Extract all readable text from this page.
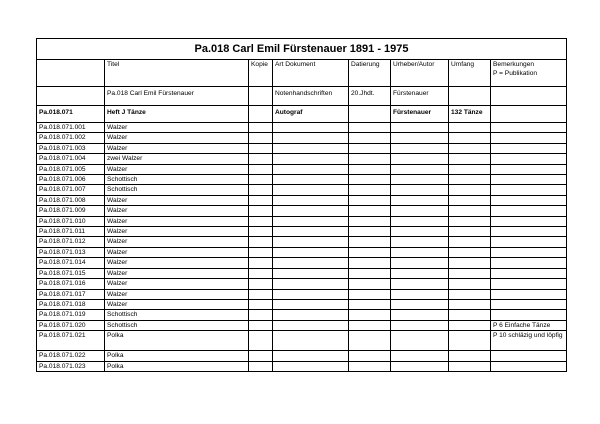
Pa.018 Carl Emil Fürstenauer 1891 - 1975							
	Titel	Kopie	Art Dokument	Datierung	Urheber/Autor	Umfang	Bemerkungen
P = Publikation
	Pa.018 Carl Emil Fürstenauer		Notenhandschriften	20.Jhdt.	Fürstenauer		
Pa.018.071	Heft J Tänze		Autograf		Fürstenauer	132 Tänze	
Pa.018.071.001	Walzer						
Pa.018.071.002	Walzer						
Pa.018.071.003	Walzer						
Pa.018.071.004	zwei Walzer						
Pa.018.071.005	Walzer						
Pa.018.071.006	Schottisch						
Pa.018.071.007	Schottisch						
Pa.018.071.008	Walzer						
Pa.018.071.009	Walzer						
Pa.018.071.010	Walzer						
Pa.018.071.011	Walzer						
Pa.018.071.012	Walzer						
Pa.018.071.013	Walzer						
Pa.018.071.014	Walzer						
Pa.018.071.015	Walzer						
Pa.018.071.016	Walzer						
Pa.018.071.017	Walzer						
Pa.018.071.018	Walzer						
Pa.018.071.019	Schottisch						
Pa.018.071.020	Schottisch						P 6 Einfache Tänze
Pa.018.071.021	Polka						P 10 schläzig und löpfig
Pa.018.071.022	Polka						
Pa.018.071.023	Polka						
